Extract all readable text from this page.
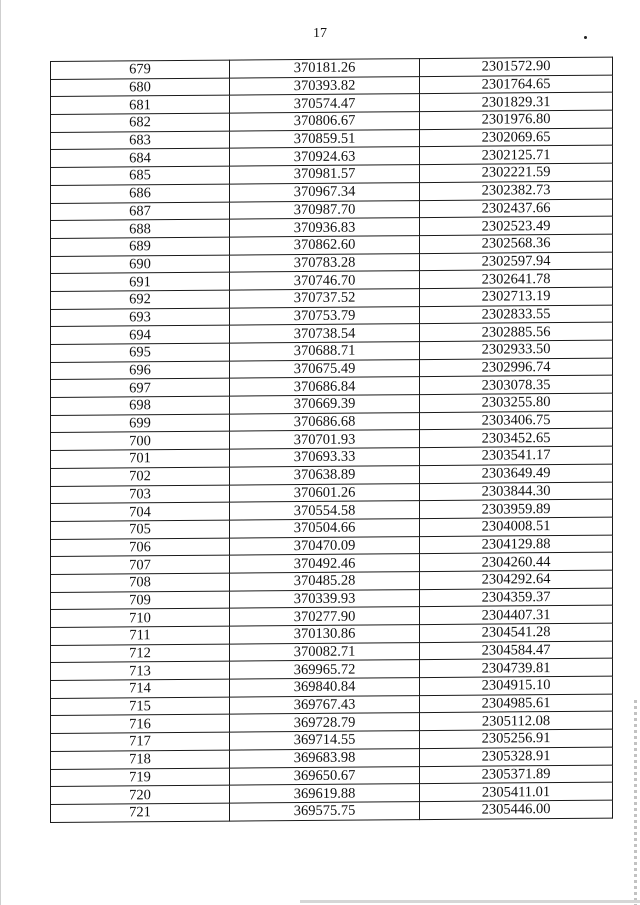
17
679	370181.26	2301572.90
680	370393.82	2301764.65
681	370574.47	2301829.31
682	370806.67	2301976.80
683	370859.51	2302069.65
684	370924.63	2302125.71
685	370981.57	2302221.59
686	370967.34	2302382.73
687	370987.70	2302437.66
688	370936.83	2302523.49
689	370862.60	2302568.36
690	370783.28	2302597.94
691	370746.70	2302641.78
692	370737.52	2302713.19
693	370753.79	2302833.55
694	370738.54	2302885.56
695	370688.71	2302933.50
696	370675.49	2302996.74
697	370686.84	2303078.35
698	370669.39	2303255.80
699	370686.68	2303406.75
700	370701.93	2303452.65
701	370693.33	2303541.17
702	370638.89	2303649.49
703	370601.26	2303844.30
704	370554.58	2303959.89
705	370504.66	2304008.51
706	370470.09	2304129.88
707	370492.46	2304260.44
708	370485.28	2304292.64
709	370339.93	2304359.37
710	370277.90	2304407.31
711	370130.86	2304541.28
712	370082.71	2304584.47
713	369965.72	2304739.81
714	369840.84	2304915.10
715	369767.43	2304985.61
716	369728.79	2305112.08
717	369714.55	2305256.91
718	369683.98	2305328.91
719	369650.67	2305371.89
720	369619.88	2305411.01
721	369575.75	2305446.00
